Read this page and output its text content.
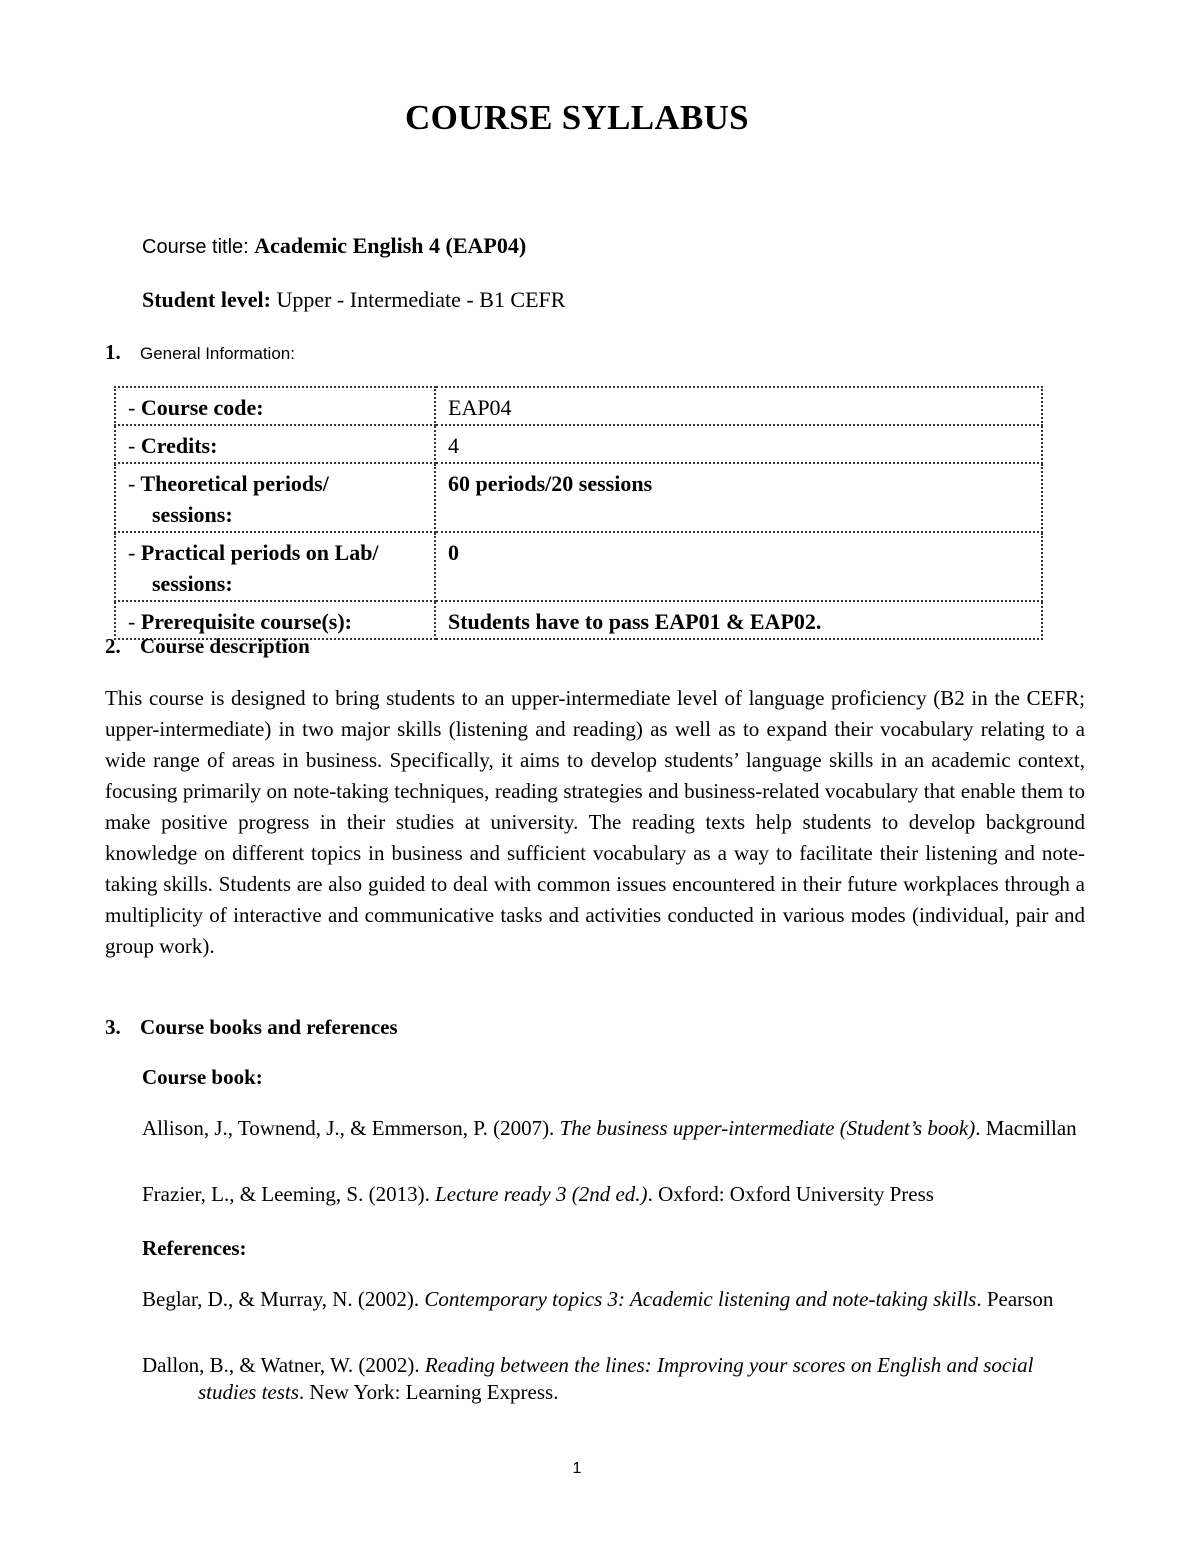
COURSE SYLLABUS
Course title: Academic English 4 (EAP04)
Student level: Upper - Intermediate - B1 CEFR
1. General Information:
- Course code:	EAP04
- Credits:	4
- Theoretical periods/
sessions:	60 periods/20 sessions
- Practical periods on Lab/
sessions:	0
- Prerequisite course(s):	Students have to pass EAP01 & EAP02.
2. Course description
This course is designed to bring students to an upper-intermediate level of language proficiency (B2 in the CEFR; upper-intermediate) in two major skills (listening and reading) as well as to expand their vocabulary relating to a wide range of areas in business. Specifically, it aims to develop students’ language skills in an academic context, focusing primarily on note-taking techniques, reading strategies and business-related vocabulary that enable them to make positive progress in their studies at university. The reading texts help students to develop background knowledge on different topics in business and sufficient vocabulary as a way to facilitate their listening and note-taking skills. Students are also guided to deal with common issues encountered in their future workplaces through a multiplicity of interactive and communicative tasks and activities conducted in various modes (individual, pair and group work).
3. Course books and references
Course book:
Allison, J., Townend, J., & Emmerson, P. (2007). The business upper-intermediate (Student’s book). Macmillan
Frazier, L., & Leeming, S. (2013). Lecture ready 3 (2nd ed.). Oxford: Oxford University Press
References:
Beglar, D., & Murray, N. (2002). Contemporary topics 3: Academic listening and note-taking skills. Pearson
Dallon, B., & Watner, W. (2002). Reading between the lines: Improving your scores on English and social studies tests. New York: Learning Express.
1
